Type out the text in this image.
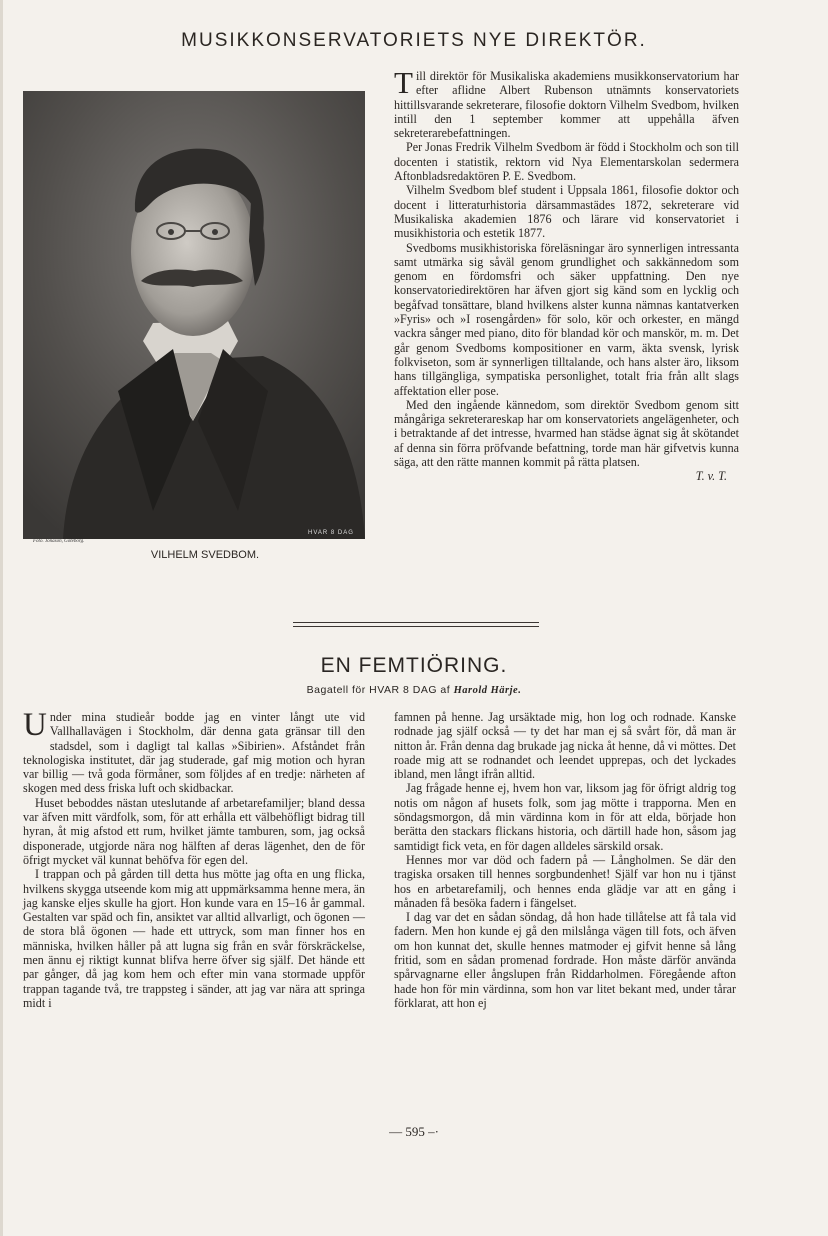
MUSIKKONSERVATORIETS NYE DIREKTÖR.
Foto. Jonason, Göteborg.
HVAR 8 DAG
VILHELM SVEDBOM.

Till direktör för Musikaliska akademiens musikkonservatorium har efter aflidne Albert Rubenson utnämnts konservatoriets hittillsvarande sekreterare, filosofie doktorn Vilhelm Svedbom, hvilken intill den 1 september kommer att uppehålla äfven sekreterarebefattningen.

Per Jonas Fredrik Vilhelm Svedbom är född i Stockholm och son till docenten i statistik, rektorn vid Nya Elementarskolan sedermera Aftonbladsredaktören P. E. Svedbom.

Vilhelm Svedbom blef student i Uppsala 1861, filosofie doktor och docent i litteraturhistoria därsammastädes 1872, sekreterare vid Musikaliska akademien 1876 och lärare vid konservatoriet i musikhistoria och estetik 1877.

Svedboms musikhistoriska föreläsningar äro synnerligen intressanta samt utmärka sig såväl genom grundlighet och sakkännedom som genom en fördomsfri och säker uppfattning. Den nye konservatoriedirektören har äfven gjort sig känd som en lycklig och begåfvad tonsättare, bland hvilkens alster kunna nämnas kantatverken »Fyris» och »I rosengården» för solo, kör och orkester, en mängd vackra sånger med piano, dito för blandad kör och manskör, m. m. Det går genom Svedboms kompositioner en varm, äkta svensk, lyrisk folkviseton, som är synnerligen tilltalande, och hans alster äro, liksom hans tillgängliga, sympatiska personlighet, totalt fria från allt slags affektation eller pose.

Med den ingående kännedom, som direktör Svedbom genom sitt mångåriga sekreterareskap har om konservatoriets angelägenheter, och i betraktande af det intresse, hvarmed han städse ägnat sig åt skötandet af denna sin förra pröfvande befattning, torde man här gifvetvis kunna säga, att den rätte mannen kommit på rätta platsen.

T. v. T.

EN FEMTIÖRING.
Bagatell för HVAR 8 DAG af Harold Härje.

Under mina studieår bodde jag en vinter långt ute vid Vallhallavägen i Stockholm, där denna gata gränsar till den stadsdel, som i dagligt tal kallas »Sibirien». Afståndet från teknologiska institutet, där jag studerade, gaf mig motion och hyran var billig — två goda förmåner, som följdes af en tredje: närheten af skogen med dess friska luft och skidbackar.

Huset beboddes nästan uteslutande af arbetarefamiljer; bland dessa var äfven mitt värdfolk, som, för att erhålla ett välbehöfligt bidrag till hyran, åt mig afstod ett rum, hvilket jämte tamburen, som, jag också disponerade, utgjorde nära nog hälften af deras lägenhet, den de för öfrigt mycket väl kunnat behöfva för egen del.

I trappan och på gården till detta hus mötte jag ofta en ung flicka, hvilkens skygga utseende kom mig att uppmärksamma henne mera, än jag kanske eljes skulle ha gjort. Hon kunde vara en 15–16 år gammal. Gestalten var späd och fin, ansiktet var alltid allvarligt, och ögonen — de stora blå ögonen — hade ett uttryck, som man finner hos en människa, hvilken håller på att lugna sig från en svår förskräckelse, men ännu ej riktigt kunnat blifva herre öfver sig själf. Det hände ett par gånger, då jag kom hem och efter min vana stormade uppför trappan tagande två, tre trappsteg i sänder, att jag var nära att springa midt i

famnen på henne. Jag ursäktade mig, hon log och rodnade. Kanske rodnade jag själf också — ty det har man ej så svårt för, då man är nitton år. Från denna dag brukade jag nicka åt henne, då vi möttes. Det roade mig att se rodnandet och leendet upprepas, och det lyckades ibland, men långt ifrån alltid.

Jag frågade henne ej, hvem hon var, liksom jag för öfrigt aldrig tog notis om någon af husets folk, som jag mötte i trapporna. Men en söndagsmorgon, då min värdinna kom in för att elda, började hon berätta den stackars flickans historia, och därtill hade hon, såsom jag samtidigt fick veta, en för dagen alldeles särskild orsak.

Hennes mor var död och fadern på — Långholmen. Se där den tragiska orsaken till hennes sorgbundenhet! Själf var hon nu i tjänst hos en arbetarefamilj, och hennes enda glädje var att en gång i månaden få besöka fadern i fängelset.

I dag var det en sådan söndag, då hon hade tillåtelse att få tala vid fadern. Men hon kunde ej gå den milslånga vägen till fots, och äfven om hon kunnat det, skulle hennes matmoder ej gifvit henne så lång fritid, som en sådan promenad fordrade. Hon måste därför använda spårvagnarne eller ångslupen från Riddarholmen. Föregående afton hade hon för min värdinna, som hon var litet bekant med, under tårar förklarat, att hon ej

— 595 –·
